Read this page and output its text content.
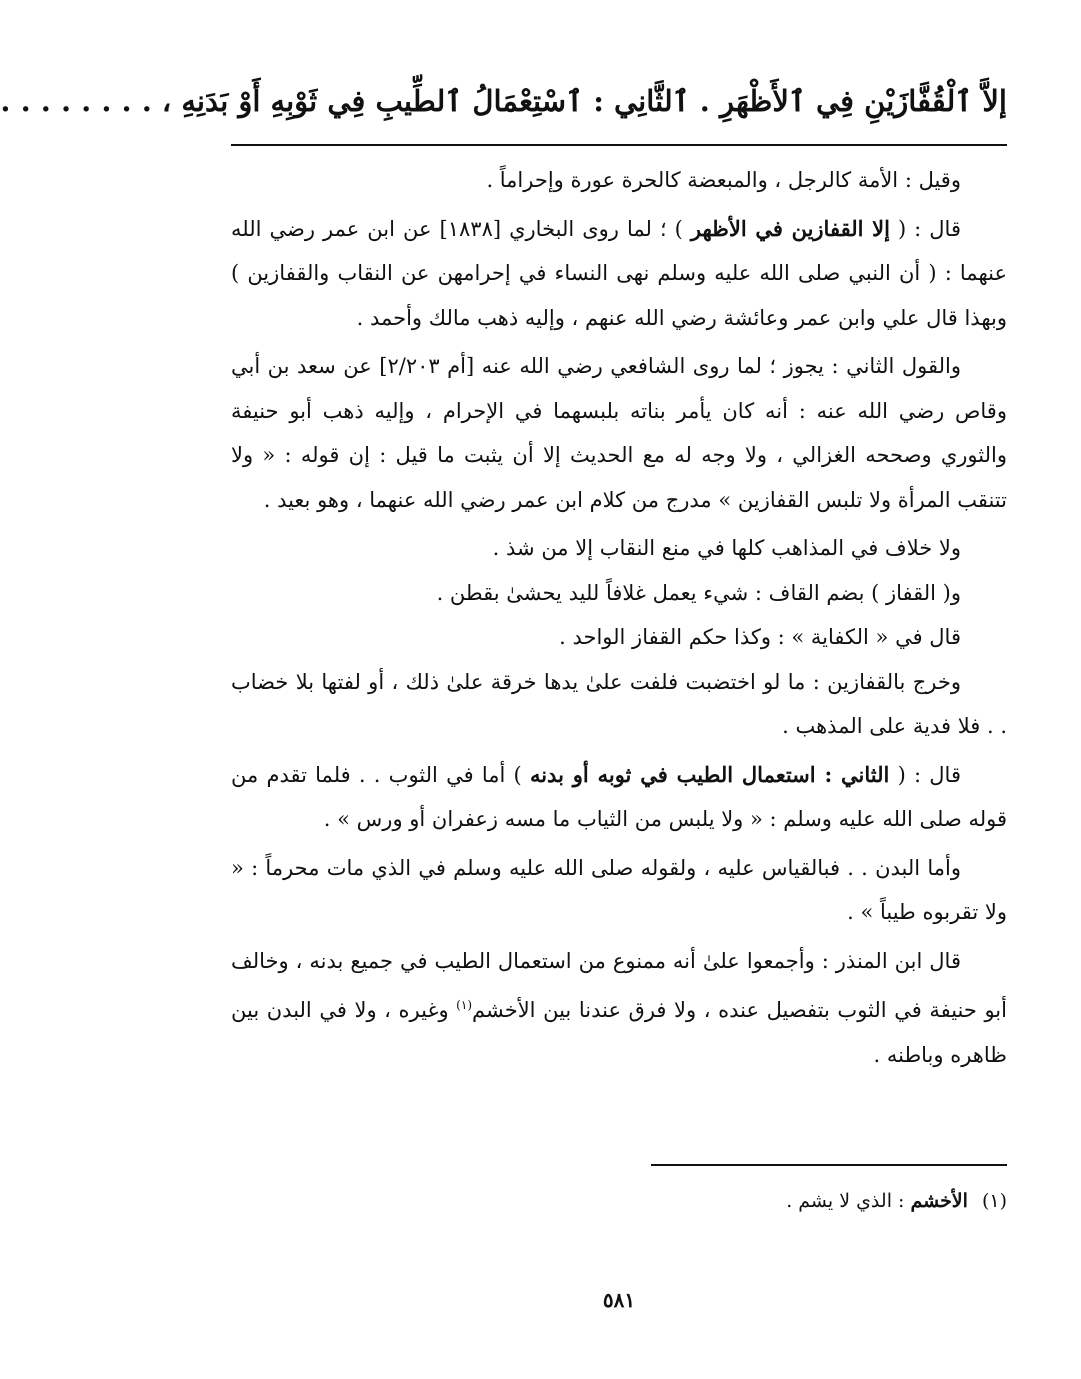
إلاَّ ٱلْقُفَّازَيْنِ فِي ٱلأَظْهَرِ . ٱلثَّانِي : ٱسْتِعْمَالُ ٱلطِّيبِ فِي ثَوْبِهِ أَوْ بَدَنِهِ ، . . . . . . . .

وقيل : الأمة كالرجل ، والمبعضة كالحرة عورة وإحراماً .

قال : ( إلا القفازين في الأظهر ) ؛ لما روى البخاري [١٨٣٨] عن ابن عمر رضي الله عنهما : ( أن النبي صلى الله عليه وسلم نهى النساء في إحرامهن عن النقاب والقفازين ) وبهذا قال علي وابن عمر وعائشة رضي الله عنهم ، وإليه ذهب مالك وأحمد .

والقول الثاني : يجوز ؛ لما روى الشافعي رضي الله عنه [أم ٢/٢٠٣] عن سعد بن أبي وقاص رضي الله عنه : أنه كان يأمر بناته بلبسهما في الإحرام ، وإليه ذهب أبو حنيفة والثوري وصححه الغزالي ، ولا وجه له مع الحديث إلا أن يثبت ما قيل : إن قوله : « ولا تتنقب المرأة ولا تلبس القفازين » مدرج من كلام ابن عمر رضي الله عنهما ، وهو بعيد .

ولا خلاف في المذاهب كلها في منع النقاب إلا من شذ .

و( القفاز ) بضم القاف : شيء يعمل غلافاً لليد يحشىٰ بقطن .

قال في « الكفاية » : وكذا حكم القفاز الواحد .

وخرج بالقفازين : ما لو اختضبت فلفت علىٰ يدها خرقة علىٰ ذلك ، أو لفتها بلا خضاب . . فلا فدية على المذهب .

قال : ( الثاني : استعمال الطيب في ثوبه أو بدنه ) أما في الثوب . . فلما تقدم من قوله صلى الله عليه وسلم : « ولا يلبس من الثياب ما مسه زعفران أو ورس » .

وأما البدن . . فبالقياس عليه ، ولقوله صلى الله عليه وسلم في الذي مات محرماً : « ولا تقربوه طيباً » .

قال ابن المنذر : وأجمعوا علىٰ أنه ممنوع من استعمال الطيب في جميع بدنه ، وخالف أبو حنيفة في الثوب بتفصيل عنده ، ولا فرق عندنا بين الأخشم$^{(١)}$ وغيره ، ولا في البدن بين ظاهره وباطنه .

(١)الأخشم : الذي لا يشم .
٥٨١
